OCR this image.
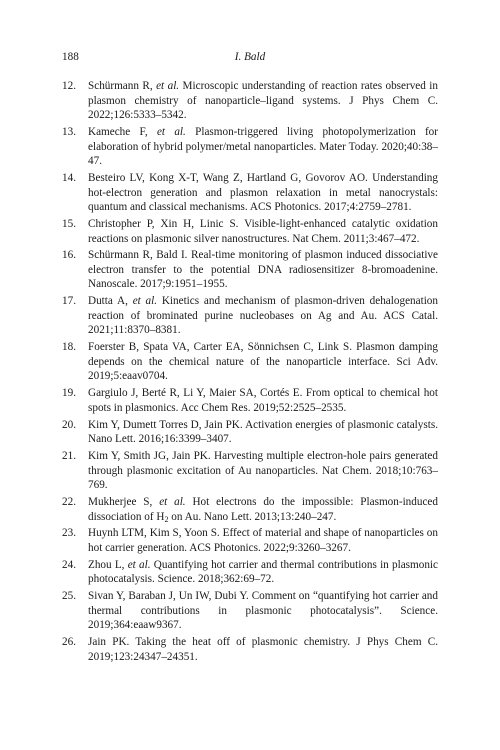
188	I. Bald
12. Schürmann R, et al. Microscopic understanding of reaction rates observed in plasmon chemistry of nanoparticle–ligand systems. J Phys Chem C. 2022;126:5333–5342.
13. Kameche F, et al. Plasmon-triggered living photopolymerization for elaboration of hybrid polymer/metal nanoparticles. Mater Today. 2020;40:38–47.
14. Besteiro LV, Kong X-T, Wang Z, Hartland G, Govorov AO. Understanding hot-electron generation and plasmon relaxation in metal nanocrystals: quantum and classical mechanisms. ACS Photonics. 2017;4:2759–2781.
15. Christopher P, Xin H, Linic S. Visible-light-enhanced catalytic oxidation reactions on plasmonic silver nanostructures. Nat Chem. 2011;3:467–472.
16. Schürmann R, Bald I. Real-time monitoring of plasmon induced dissociative electron transfer to the potential DNA radiosensitizer 8-bromoadenine. Nanoscale. 2017;9:1951–1955.
17. Dutta A, et al. Kinetics and mechanism of plasmon-driven dehalogenation reaction of brominated purine nucleobases on Ag and Au. ACS Catal. 2021;11:8370–8381.
18. Foerster B, Spata VA, Carter EA, Sönnichsen C, Link S. Plasmon damping depends on the chemical nature of the nanoparticle interface. Sci Adv. 2019;5:eaav0704.
19. Gargiulo J, Berté R, Li Y, Maier SA, Cortés E. From optical to chemical hot spots in plasmonics. Acc Chem Res. 2019;52:2525–2535.
20. Kim Y, Dumett Torres D, Jain PK. Activation energies of plasmonic catalysts. Nano Lett. 2016;16:3399–3407.
21. Kim Y, Smith JG, Jain PK. Harvesting multiple electron-hole pairs generated through plasmonic excitation of Au nanoparticles. Nat Chem. 2018;10:763–769.
22. Mukherjee S, et al. Hot electrons do the impossible: Plasmon-induced dissociation of $H_2$ on Au. Nano Lett. 2013;13:240–247.
23. Huynh LTM, Kim S, Yoon S. Effect of material and shape of nanoparticles on hot carrier generation. ACS Photonics. 2022;9:3260–3267.
24. Zhou L, et al. Quantifying hot carrier and thermal contributions in plasmonic photocatalysis. Science. 2018;362:69–72.
25. Sivan Y, Baraban J, Un IW, Dubi Y. Comment on “quantifying hot carrier and thermal contributions in plasmonic photocatalysis”. Science. 2019;364:eaaw9367.
26. Jain PK. Taking the heat off of plasmonic chemistry. J Phys Chem C. 2019;123:24347–24351.
